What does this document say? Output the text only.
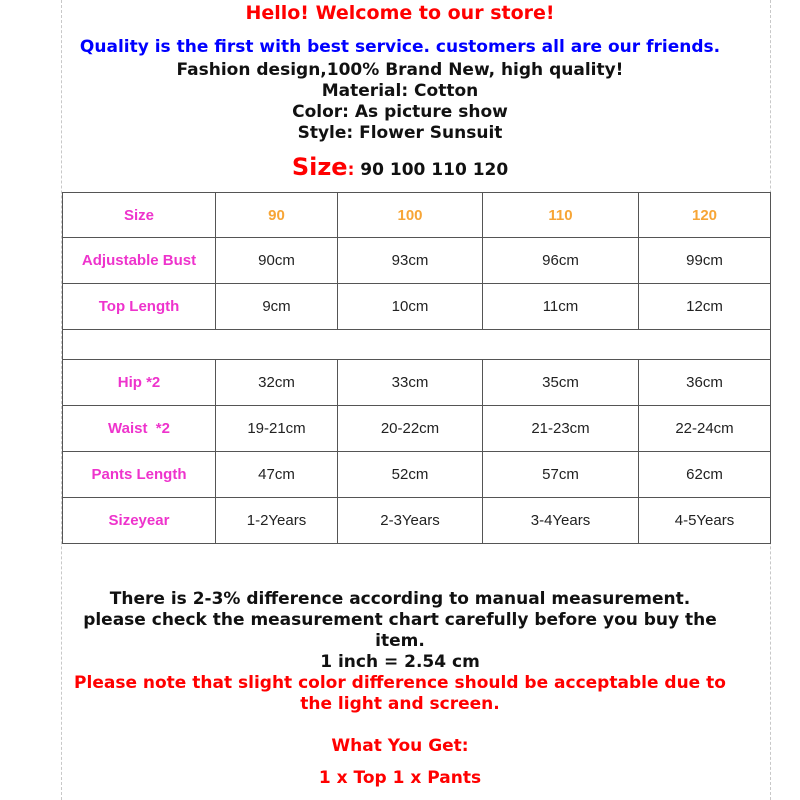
Hello! Welcome to our store!
Quality is the first with best service. customers all are our friends.
Fashion design,100% Brand New, high quality!
Material: Cotton
Color: As picture show
Style: Flower Sunsuit
Size: 90 100 110 120
Size	90	100	110	120
Adjustable Bust	90cm	93cm	96cm	99cm
Top Length	9cm	10cm	11cm	12cm

Hip *2	32cm	33cm	35cm	36cm
Waist  *2	19-21cm	20-22cm	21-23cm	22-24cm
Pants Length	47cm	52cm	57cm	62cm
Sizeyear	1-2Years	2-3Years	3-4Years	4-5Years
There is 2-3% difference according to manual measurement.
please check the measurement chart carefully before you buy the
item.
1 inch = 2.54 cm
Please note that slight color difference should be acceptable due to
the light and screen.
What You Get:
1 x Top 1 x Pants
